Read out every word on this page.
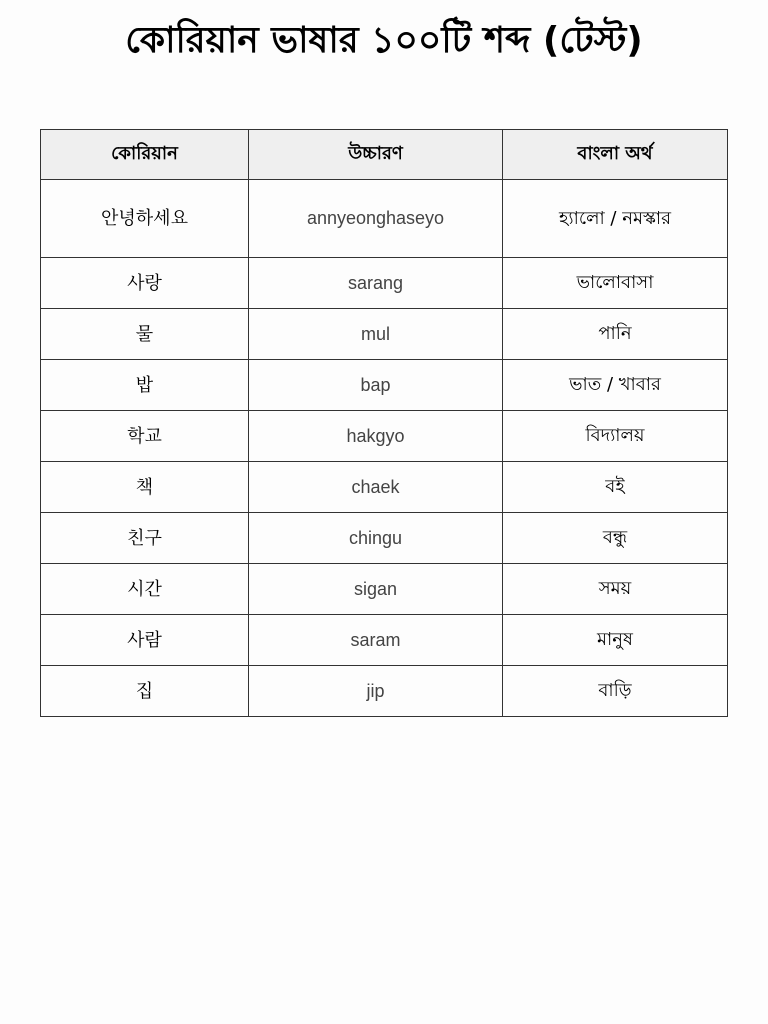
কোরিয়ান ভাষার ১০০টি শব্দ (টেস্ট)
কোরিয়ান	উচ্চারণ	বাংলা অর্থ
안녕하세요	annyeonghaseyo	হ্যালো / নমস্কার
사랑	sarang	ভালোবাসা
물	mul	পানি
밥	bap	ভাত / খাবার
학교	hakgyo	বিদ্যালয়
책	chaek	বই
친구	chingu	বন্ধু
시간	sigan	সময়
사람	saram	মানুষ
집	jip	বাড়ি
